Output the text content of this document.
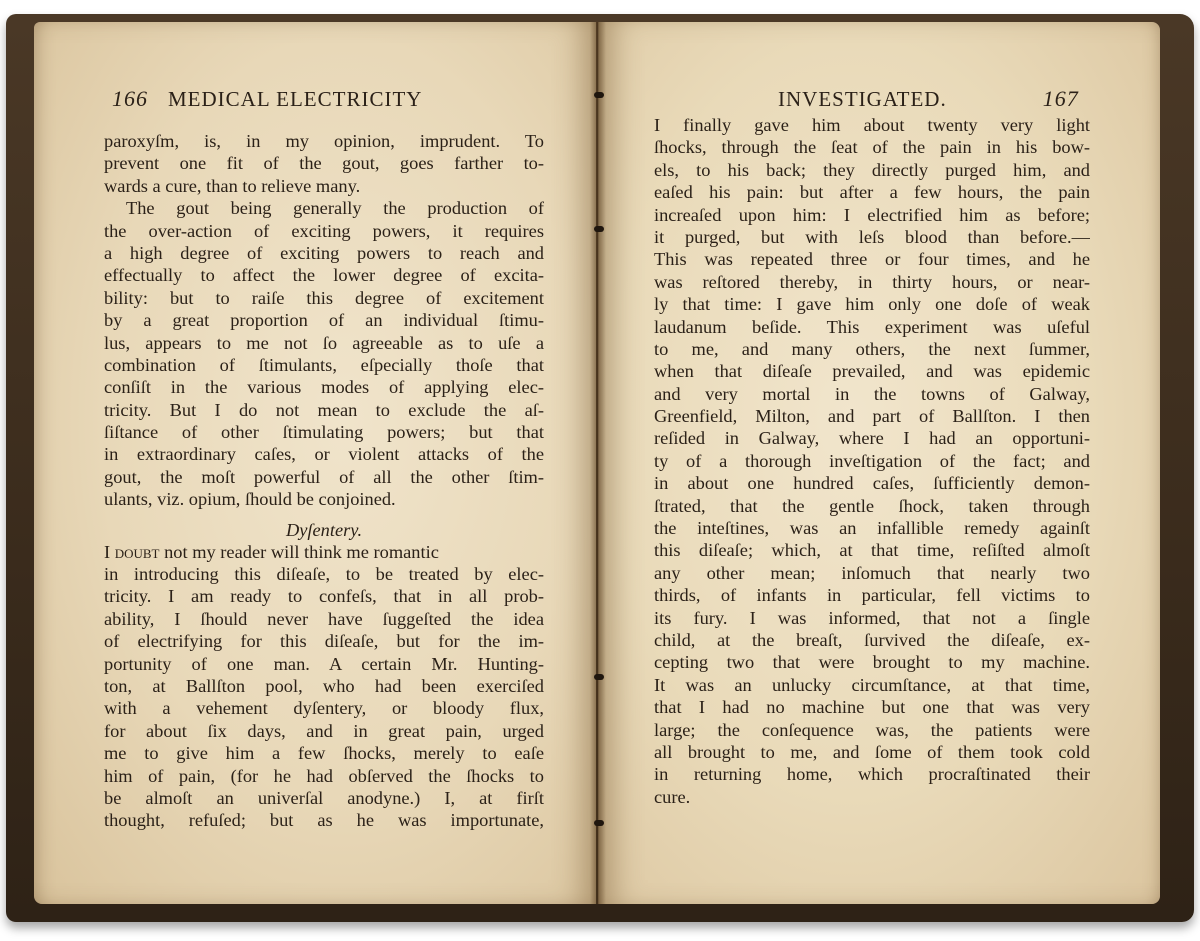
166 MEDICAL ELECTRICITY
paroxyſm, is, in my opinion, imprudent. To
prevent one fit of the gout, goes farther to-
wards a cure, than to relieve many.
The gout being generally the production of
the over-action of exciting powers, it requires
a high degree of exciting powers to reach and
effectually to affect the lower degree of excita-
bility: but to raiſe this degree of excitement
by a great proportion of an individual ſtimu-
lus, appears to me not ſo agreeable as to uſe a
combination of ſtimulants, eſpecially thoſe that
conſiſt in the various modes of applying elec-
tricity. But I do not mean to exclude the aſ-
ſiſtance of other ſtimulating powers; but that
in extraordinary caſes, or violent attacks of the
gout, the moſt powerful of all the other ſtim-
ulants, viz. opium, ſhould be conjoined.
Dyſentery.
I doubt not my reader will think me romantic
in introducing this diſeaſe, to be treated by elec-
tricity. I am ready to confeſs, that in all prob-
ability, I ſhould never have ſuggeſted the idea
of electrifying for this diſeaſe, but for the im-
portunity of one man. A certain Mr. Hunting-
ton, at Ballſton pool, who had been exerciſed
with a vehement dyſentery, or bloody flux,
for about ſix days, and in great pain, urged
me to give him a few ſhocks, merely to eaſe
him of pain, (for he had obſerved the ſhocks to
be almoſt an univerſal anodyne.) I, at firſt
thought, refuſed; but as he was importunate,
INVESTIGATED.	167
I finally gave him about twenty very light
ſhocks, through the ſeat of the pain in his bow-
els, to his back; they directly purged him, and
eaſed his pain: but after a few hours, the pain
increaſed upon him: I electrified him as before;
it purged, but with leſs blood than before.—
This was repeated three or four times, and he
was reſtored thereby, in thirty hours, or near-
ly that time: I gave him only one doſe of weak
laudanum beſide. This experiment was uſeful
to me, and many others, the next ſummer,
when that diſeaſe prevailed, and was epidemic
and very mortal in the towns of Galway,
Greenfield, Milton, and part of Ballſton. I then
reſided in Galway, where I had an opportuni-
ty of a thorough inveſtigation of the fact; and
in about one hundred caſes, ſufficiently demon-
ſtrated, that the gentle ſhock, taken through
the inteſtines, was an infallible remedy againſt
this diſeaſe; which, at that time, reſiſted almoſt
any other mean; inſomuch that nearly two
thirds, of infants in particular, fell victims to
its fury. I was informed, that not a ſingle
child, at the breaſt, ſurvived the diſeaſe, ex-
cepting two that were brought to my machine.
It was an unlucky circumſtance, at that time,
that I had no machine but one that was very
large; the conſequence was, the patients were
all brought to me, and ſome of them took cold
in returning home, which procraſtinated their
cure.
